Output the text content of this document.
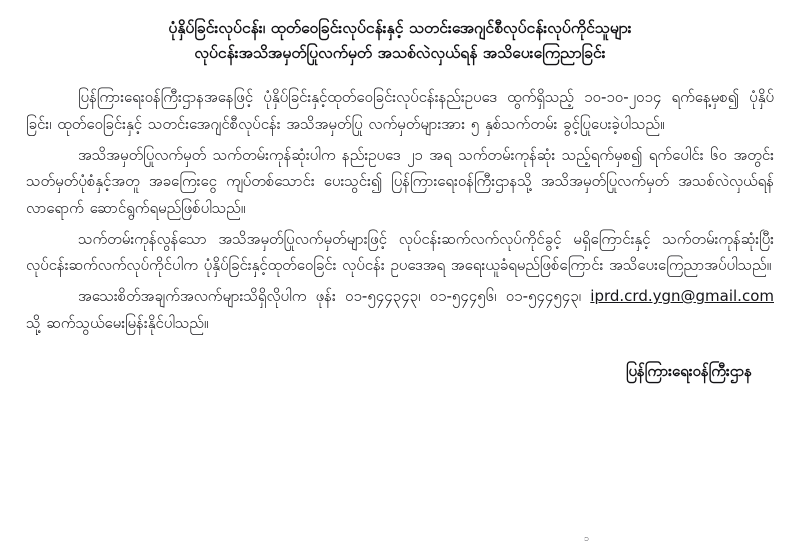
ပုံနှိပ်ခြင်းလုပ်ငန်း၊ ထုတ်ဝေခြင်းလုပ်ငန်းနှင့် သတင်းအေဂျင်စီလုပ်ငန်းလုပ်ကိုင်သူများ
လုပ်ငန်းအသိအမှတ်ပြုလက်မှတ် အသစ်လဲလှယ်ရန် အသိပေးကြေညာခြင်း

ပြန်ကြားရေးဝန်ကြီးဌာနအနေဖြင့် ပုံနှိပ်ခြင်းနှင့်ထုတ်ဝေခြင်းလုပ်ငန်းနည်းဥပဒေ ထွက်ရှိသည့် ၁၀-၁၀-၂၀၁၄ ရက်နေ့မှစ၍ ပုံနှိပ်ခြင်း၊ ထုတ်ဝေခြင်းနှင့် သတင်းအေဂျင်စီလုပ်ငန်း အသိအမှတ်ပြု လက်မှတ်များအား ၅ နှစ်သက်တမ်း ခွင့်ပြုပေးခဲ့ပါသည်။

အသိအမှတ်ပြုလက်မှတ် သက်တမ်းကုန်ဆုံးပါက နည်းဥပဒေ ၂၁ အရ သက်တမ်းကုန်ဆုံး သည့်ရက်မှစ၍ ရက်ပေါင်း ၆၀ အတွင်း သတ်မှတ်ပုံစံနှင့်အတူ အခကြေးငွေ ကျပ်တစ်သောင်း ပေးသွင်း၍ ပြန်ကြားရေးဝန်ကြီးဌာနသို့ အသိအမှတ်ပြုလက်မှတ် အသစ်လဲလှယ်ရန် လာရောက် ဆောင်ရွက်ရမည်ဖြစ်ပါသည်။

သက်တမ်းကုန်လွန်သော အသိအမှတ်ပြုလက်မှတ်များဖြင့် လုပ်ငန်းဆက်လက်လုပ်ကိုင်ခွင့် မရှိကြောင်းနှင့် သက်တမ်းကုန်ဆုံးပြီး လုပ်ငန်းဆက်လက်လုပ်ကိုင်ပါက ပုံနှိပ်ခြင်းနှင့်ထုတ်ဝေခြင်း လုပ်ငန်း ဥပဒေအရ အရေးယူခံရမည်ဖြစ်ကြောင်း အသိပေးကြေညာအပ်ပါသည်။

အသေးစိတ်အချက်အလက်များသိရှိလိုပါက ဖုန်း ၀၁-၅၄၄၃၄၃၊ ၀၁-၅၄၄၅၆၊ ၀၁-၅၄၄၅၄၃၊ iprd.crd.ygn@gmail.com သို့ ဆက်သွယ်မေးမြန်းနိုင်ပါသည်။

ပြန်ကြားရေးဝန်ကြီးဌာန
၁
